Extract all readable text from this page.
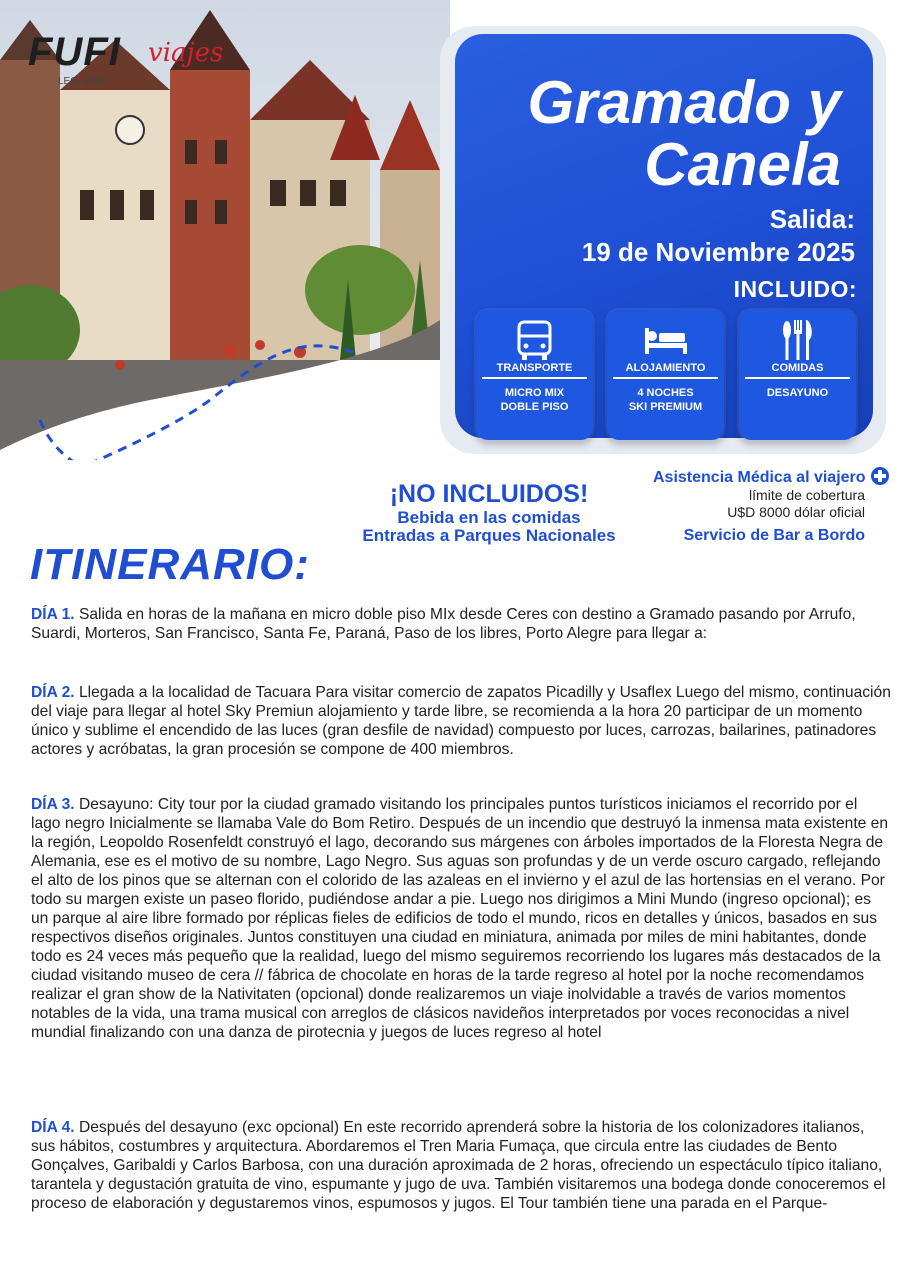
FUFI viajes
LEG. 9999	Gramado y
Canela
Salida:
19 de Noviembre 2025
INCLUIDO:
TRANSPORTE
MICRO MIX
DOBLE PISO
ALOJAMIENTO
4 NOCHES
SKI PREMIUM
COMIDAS
DESAYUNO
¡NO INCLUIDOS!
Bebida en las comidas
Entradas a Parques Nacionales
Asistencia Médica al viajero
límite de cobertura
U$D 8000 dólar oficial
Servicio de Bar a Bordo
ITINERARIO:
DÍA 1. Salida en horas de la mañana en micro doble piso MIx desde Ceres con destino a Gramado pasando por Arrufo, Suardi, Morteros, San Francisco, Santa Fe, Paraná, Paso de los libres, Porto Alegre para llegar a:
DÍA 2. Llegada a la localidad de Tacuara Para visitar comercio de zapatos Picadilly y Usaflex Luego del mismo, continuación del viaje para llegar al hotel Sky Premiun alojamiento y tarde libre, se recomienda a la hora 20 participar de un momento único y sublime el encendido de las luces (gran desfile de navidad) compuesto por luces, carrozas, bailarines, patinadores actores y acróbatas, la gran procesión se compone de 400 miembros.
DÍA 3. Desayuno: City tour por la ciudad gramado visitando los principales puntos turísticos iniciamos el recorrido por el lago negro Inicialmente se llamaba Vale do Bom Retiro. Después de un incendio que destruyó la inmensa mata existente en la región, Leopoldo Rosenfeldt construyó el lago, decorando sus márgenes con árboles importados de la Floresta Negra de Alemania, ese es el motivo de su nombre, Lago Negro. Sus aguas son profundas y de un verde oscuro cargado, reflejando el alto de los pinos que se alternan con el colorido de las azaleas en el invierno y el azul de las hortensias en el verano. Por todo su margen existe un paseo florido, pudiéndose andar a pie. Luego nos dirigimos a Mini Mundo (ingreso opcional); es un parque al aire libre formado por réplicas fieles de edificios de todo el mundo, ricos en detalles y únicos, basados en sus respectivos diseños originales. Juntos constituyen una ciudad en miniatura, animada por miles de mini habitantes, donde todo es 24 veces más pequeño que la realidad, luego del mismo seguiremos recorriendo los lugares más destacados de la ciudad visitando museo de cera // fábrica de chocolate en horas de la tarde regreso al hotel por la noche recomendamos realizar el gran show de la Nativitaten (opcional) donde realizaremos un viaje inolvidable a través de varios momentos notables de la vida, una trama musical con arreglos de clásicos navideños interpretados por voces reconocidas a nivel mundial finalizando con una danza de pirotecnia y juegos de luces regreso al hotel
DÍA 4. Después del desayuno (exc opcional) En este recorrido aprenderá sobre la historia de los colonizadores italianos, sus hábitos, costumbres y arquitectura. Abordaremos el Tren Maria Fumaça, que circula entre las ciudades de Bento Gonçalves, Garibaldi y Carlos Barbosa, con una duración aproximada de 2 horas, ofreciendo un espectáculo típico italiano, tarantela y degustación gratuita de vino, espumante y jugo de uva. También visitaremos una bodega donde conoceremos el proceso de elaboración y degustaremos vinos, espumosos y jugos. El Tour también tiene una parada en el Parque-
